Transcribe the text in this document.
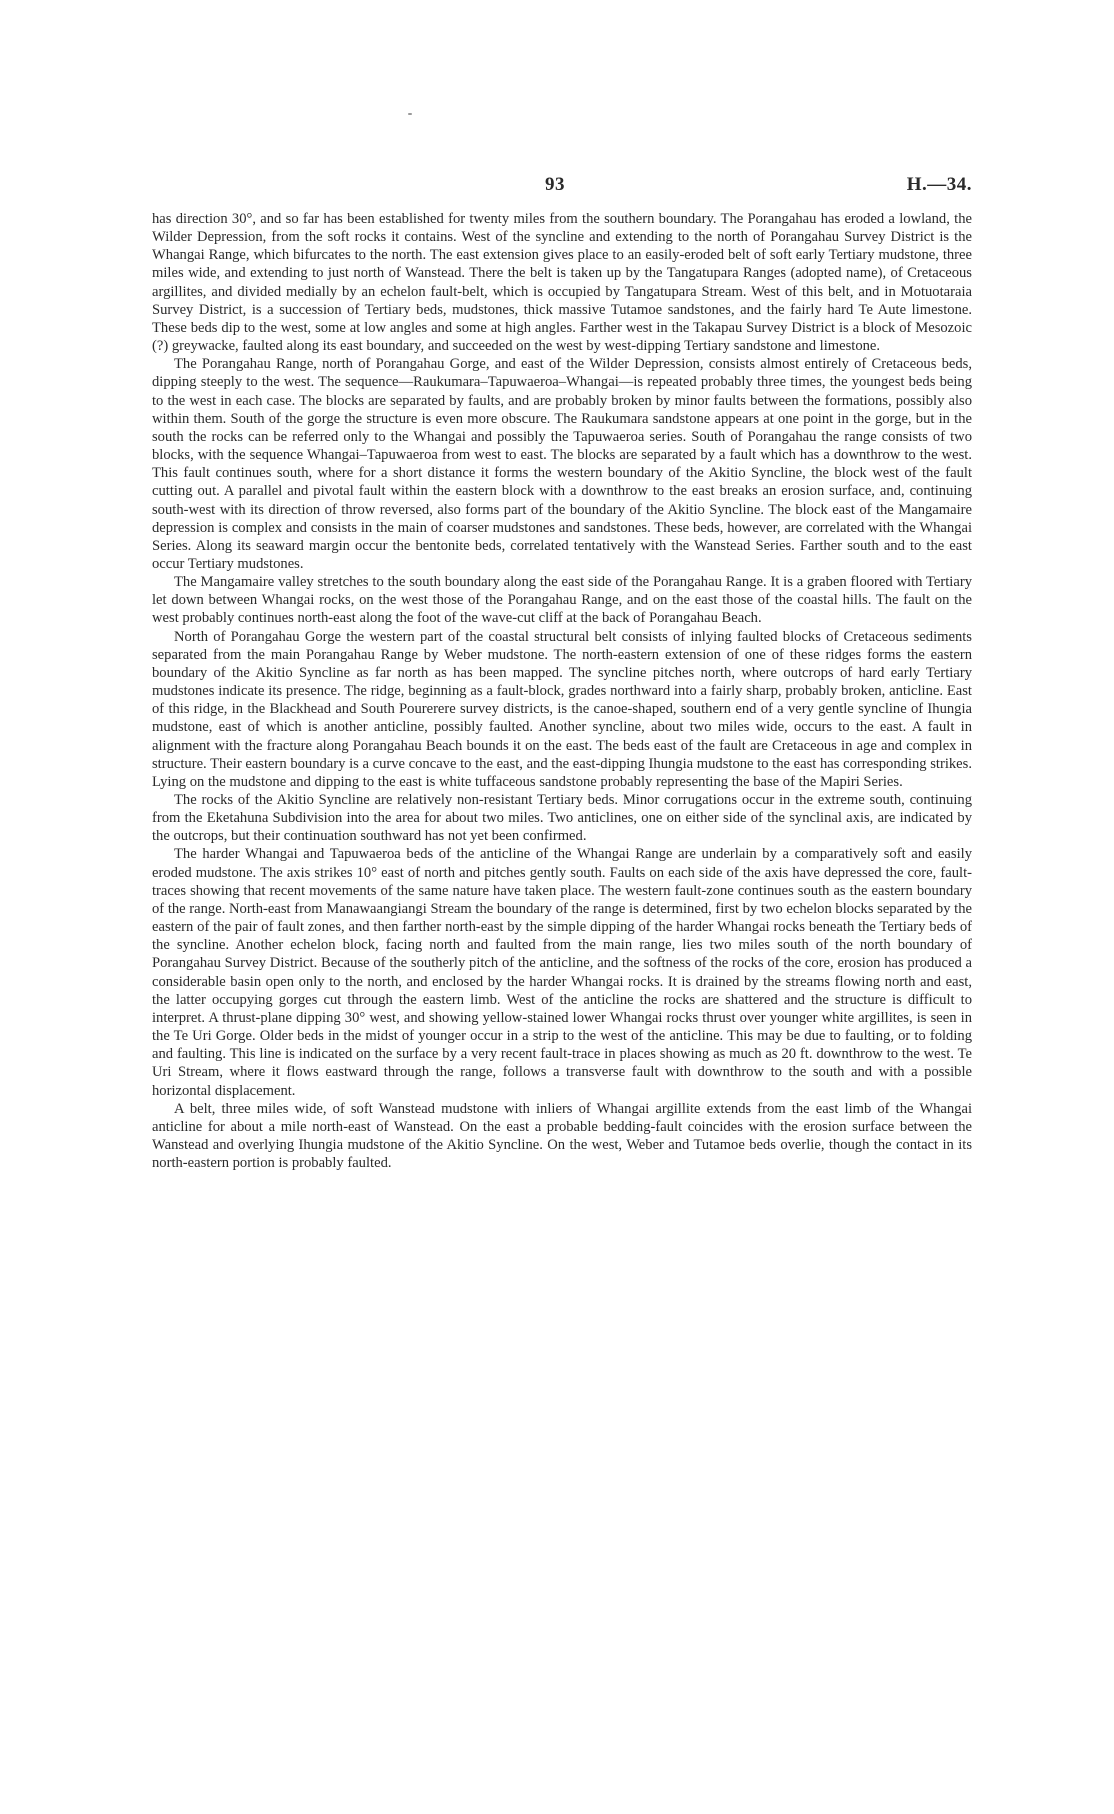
93	H.—34.

has direction 30°, and so far has been established for twenty miles from the southern boundary. The Porangahau has eroded a lowland, the Wilder Depression, from the soft rocks it contains. West of the syncline and extending to the north of Porangahau Survey District is the Whangai Range, which bifurcates to the north. The east extension gives place to an easily-eroded belt of soft early Tertiary mudstone, three miles wide, and extending to just north of Wanstead. There the belt is taken up by the Tangatupara Ranges (adopted name), of Cretaceous argillites, and divided medially by an echelon fault-belt, which is occupied by Tangatupara Stream. West of this belt, and in Motuotaraia Survey District, is a succession of Tertiary beds, mudstones, thick massive Tutamoe sandstones, and the fairly hard Te Aute limestone. These beds dip to the west, some at low angles and some at high angles. Farther west in the Takapau Survey District is a block of Mesozoic (?) greywacke, faulted along its east boundary, and succeeded on the west by west-dipping Tertiary sandstone and limestone.

The Porangahau Range, north of Porangahau Gorge, and east of the Wilder Depression, consists almost entirely of Cretaceous beds, dipping steeply to the west. The sequence—Raukumara–Tapuwaeroa–Whangai—is repeated probably three times, the youngest beds being to the west in each case. The blocks are separated by faults, and are probably broken by minor faults between the formations, possibly also within them. South of the gorge the structure is even more obscure. The Raukumara sandstone appears at one point in the gorge, but in the south the rocks can be referred only to the Whangai and possibly the Tapuwaeroa series. South of Porangahau the range consists of two blocks, with the sequence Whangai–Tapuwaeroa from west to east. The blocks are separated by a fault which has a downthrow to the west. This fault continues south, where for a short distance it forms the western boundary of the Akitio Syncline, the block west of the fault cutting out. A parallel and pivotal fault within the eastern block with a downthrow to the east breaks an erosion surface, and, continuing south-west with its direction of throw reversed, also forms part of the boundary of the Akitio Syncline. The block east of the Mangamaire depression is complex and consists in the main of coarser mudstones and sandstones. These beds, however, are correlated with the Whangai Series. Along its seaward margin occur the bentonite beds, correlated tentatively with the Wanstead Series. Farther south and to the east occur Tertiary mudstones.

The Mangamaire valley stretches to the south boundary along the east side of the Porangahau Range. It is a graben floored with Tertiary let down between Whangai rocks, on the west those of the Porangahau Range, and on the east those of the coastal hills. The fault on the west probably continues north-east along the foot of the wave-cut cliff at the back of Porangahau Beach.

North of Porangahau Gorge the western part of the coastal structural belt consists of inlying faulted blocks of Cretaceous sediments separated from the main Porangahau Range by Weber mudstone. The north-eastern extension of one of these ridges forms the eastern boundary of the Akitio Syncline as far north as has been mapped. The syncline pitches north, where outcrops of hard early Tertiary mudstones indicate its presence. The ridge, beginning as a fault-block, grades northward into a fairly sharp, probably broken, anticline. East of this ridge, in the Blackhead and South Pourerere survey districts, is the canoe-shaped, southern end of a very gentle syncline of Ihungia mudstone, east of which is another anticline, possibly faulted. Another syncline, about two miles wide, occurs to the east. A fault in alignment with the fracture along Porangahau Beach bounds it on the east. The beds east of the fault are Cretaceous in age and complex in structure. Their eastern boundary is a curve concave to the east, and the east-dipping Ihungia mudstone to the east has corresponding strikes. Lying on the mudstone and dipping to the east is white tuffaceous sandstone probably representing the base of the Mapiri Series.

The rocks of the Akitio Syncline are relatively non-resistant Tertiary beds. Minor corrugations occur in the extreme south, continuing from the Eketahuna Subdivision into the area for about two miles. Two anticlines, one on either side of the synclinal axis, are indicated by the outcrops, but their continuation southward has not yet been confirmed.

The harder Whangai and Tapuwaeroa beds of the anticline of the Whangai Range are underlain by a comparatively soft and easily eroded mudstone. The axis strikes 10° east of north and pitches gently south. Faults on each side of the axis have depressed the core, fault-traces showing that recent movements of the same nature have taken place. The western fault-zone continues south as the eastern boundary of the range. North-east from Manawaangiangi Stream the boundary of the range is determined, first by two echelon blocks separated by the eastern of the pair of fault zones, and then farther north-east by the simple dipping of the harder Whangai rocks beneath the Tertiary beds of the syncline. Another echelon block, facing north and faulted from the main range, lies two miles south of the north boundary of Porangahau Survey District. Because of the southerly pitch of the anticline, and the softness of the rocks of the core, erosion has produced a considerable basin open only to the north, and enclosed by the harder Whangai rocks. It is drained by the streams flowing north and east, the latter occupying gorges cut through the eastern limb. West of the anticline the rocks are shattered and the structure is difficult to interpret. A thrust-plane dipping 30° west, and showing yellow-stained lower Whangai rocks thrust over younger white argillites, is seen in the Te Uri Gorge. Older beds in the midst of younger occur in a strip to the west of the anticline. This may be due to faulting, or to folding and faulting. This line is indicated on the surface by a very recent fault-trace in places showing as much as 20 ft. downthrow to the west. Te Uri Stream, where it flows eastward through the range, follows a transverse fault with downthrow to the south and with a possible horizontal displacement.

A belt, three miles wide, of soft Wanstead mudstone with inliers of Whangai argillite extends from the east limb of the Whangai anticline for about a mile north-east of Wanstead. On the east a probable bedding-fault coincides with the erosion surface between the Wanstead and overlying Ihungia mudstone of the Akitio Syncline. On the west, Weber and Tutamoe beds overlie, though the contact in its north-eastern portion is probably faulted.
